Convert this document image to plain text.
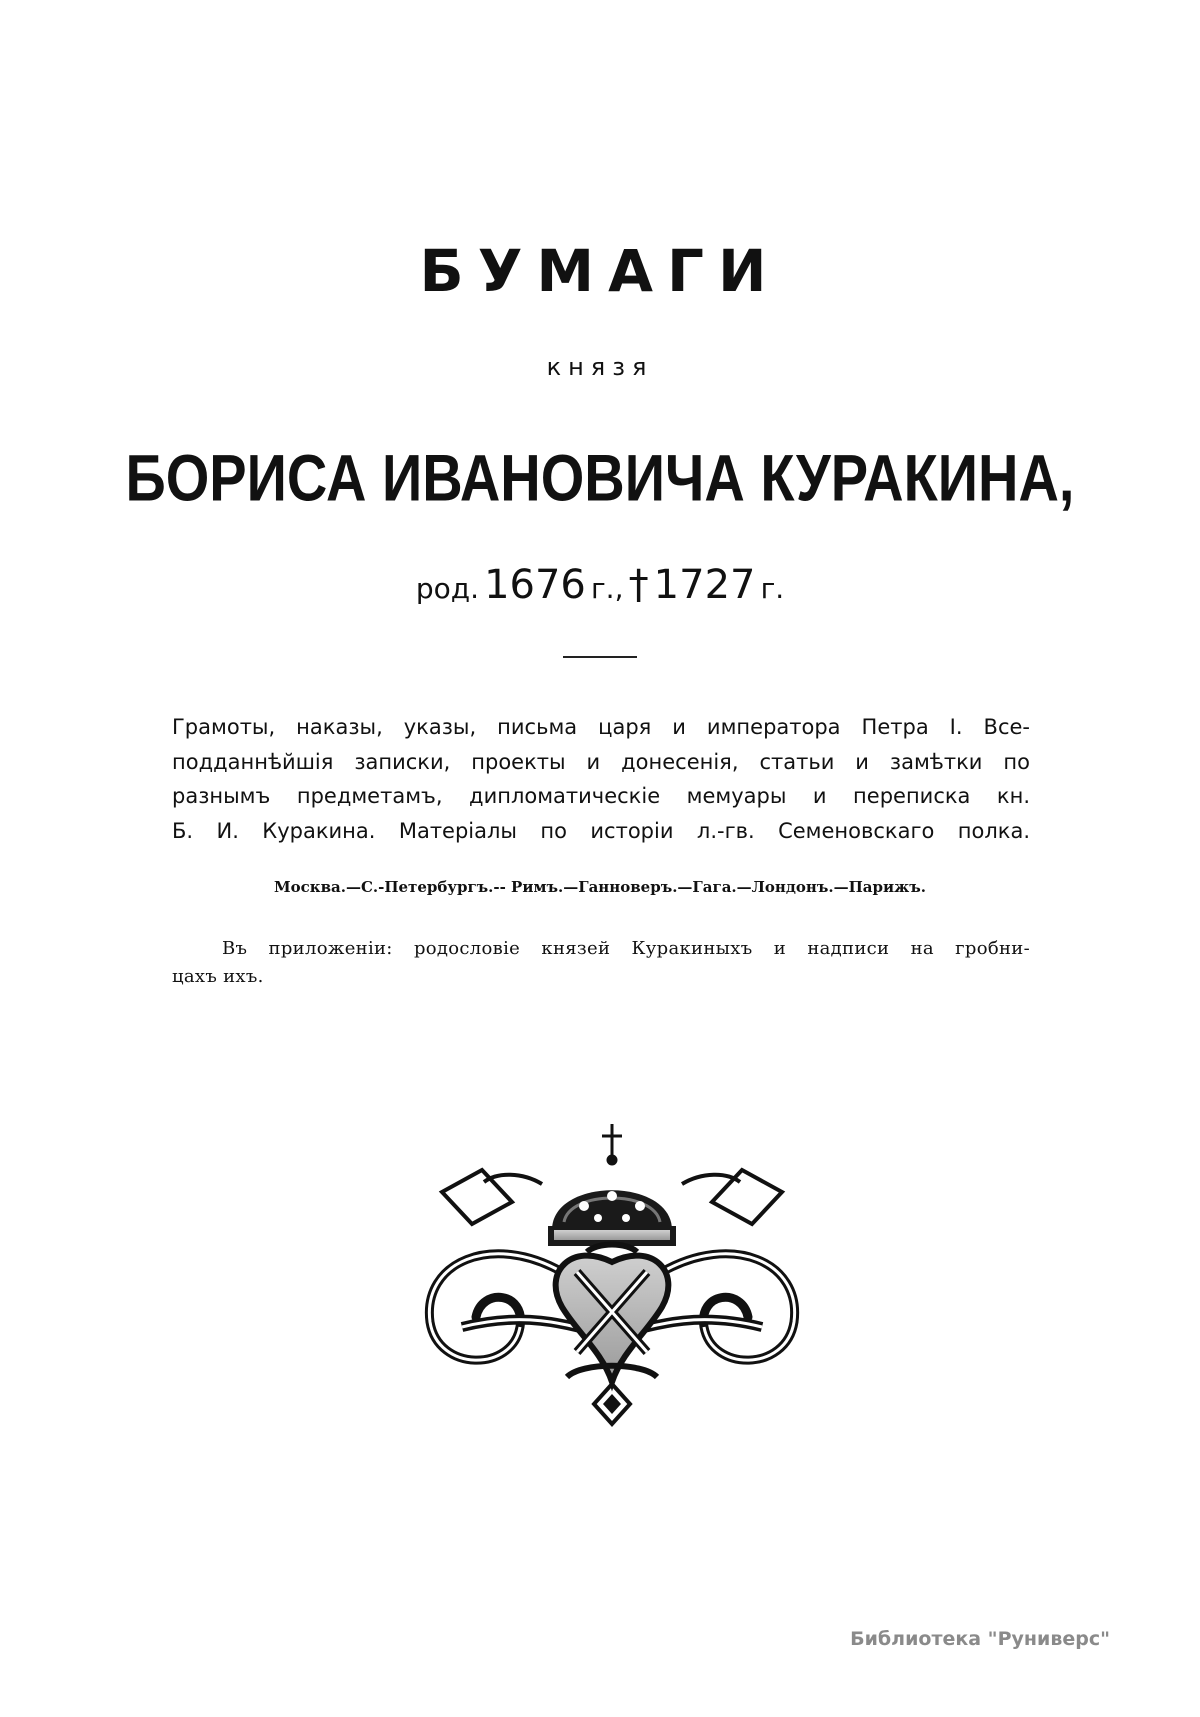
БУМАГИ
князя
БОРИСА ИВАНОВИЧА КУРАКИНА,
род. 1676 г., † 1727 г.
Грамоты, наказы, указы, письма царя и императора Петра I. Все-
подданнѣйшія записки, проекты и донесенія, статьи и замѣтки по
разнымъ предметамъ, дипломатическіе мемуары и переписка кн.
Б. И. Куракина. Матеріалы по исторіи л.-гв. Семеновскаго полка.
Москва.—С.-Петербургъ.-- Римъ.—Ганноверъ.—Гага.—Лондонъ.—Парижъ.
Въ приложеніи: родословіе князей Куракиныхъ и надписи на гробни-
цахъ ихъ.
Библиотека "Руниверс"
